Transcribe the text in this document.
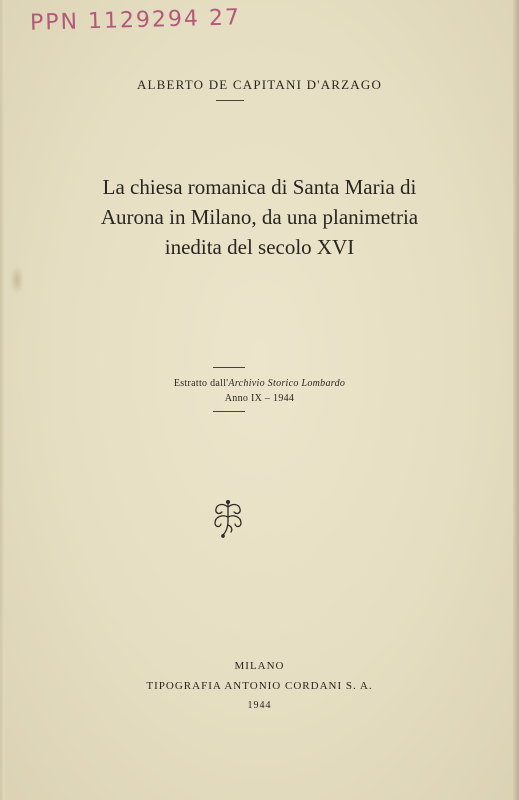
PPN 1129294 27
ALBERTO DE CAPITANI D'ARZAGO
La chiesa romanica di Santa Maria di
Aurona in Milano, da una planimetria
inedita del secolo XVI
Estratto dall'Archivio Storico Lombardo
Anno IX – 1944
MILANO
TIPOGRAFIA ANTONIO CORDANI S. A.
1944
